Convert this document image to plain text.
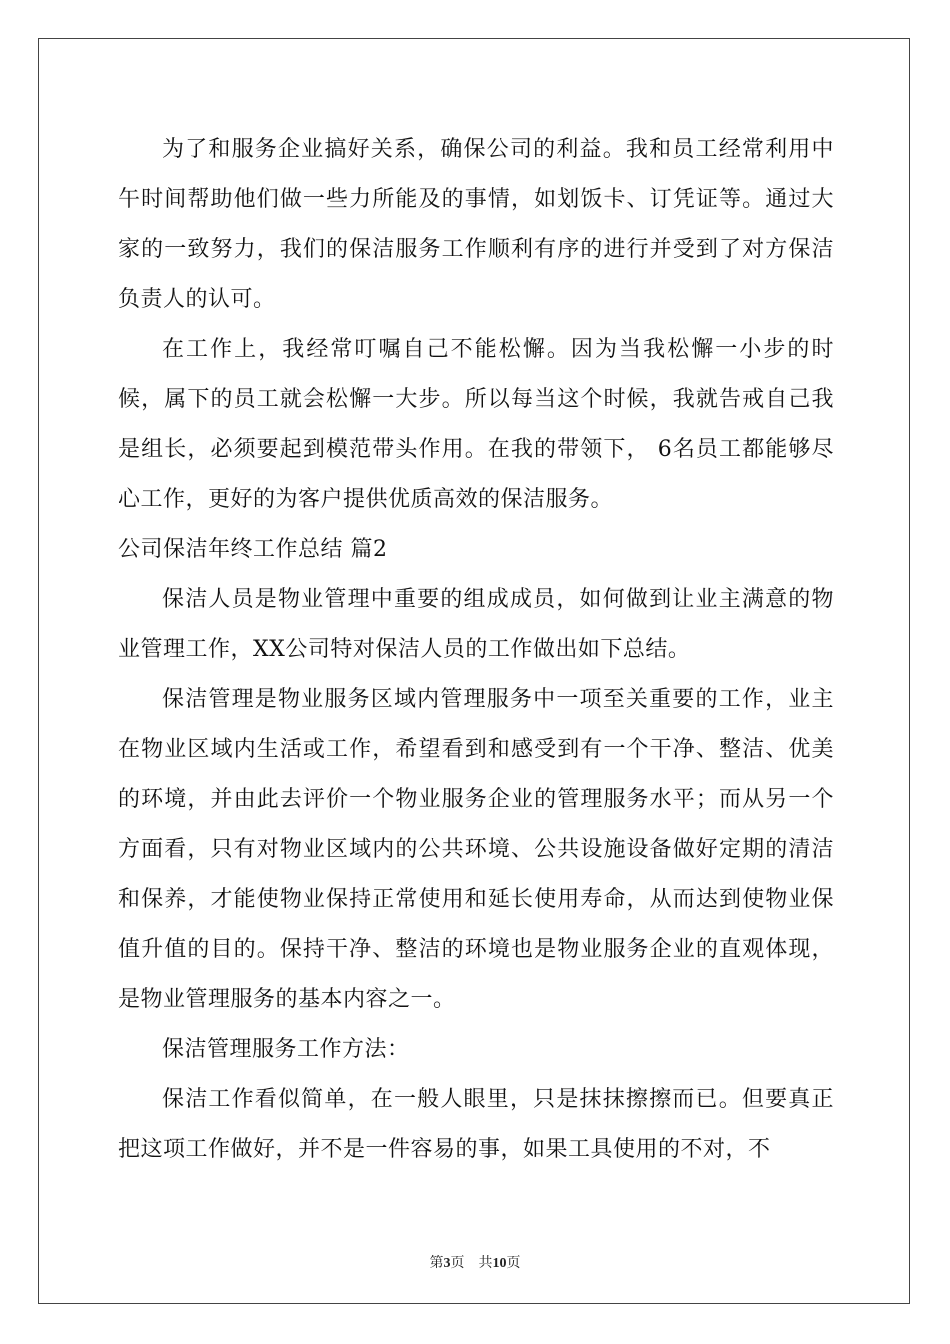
为了和服务企业搞好关系，确保公司的利益。我和员工经常利用中午时间帮助他们做一些力所能及的事情，如划饭卡、订凭证等。通过大家的一致努力，我们的保洁服务工作顺利有序的进行并受到了对方保洁负责人的认可。

在工作上，我经常叮嘱自己不能松懈。因为当我松懈一小步的时候，属下的员工就会松懈一大步。所以每当这个时候，我就告戒自己我是组长，必须要起到模范带头作用。在我的带领下， 6名员工都能够尽心工作，更好的为客户提供优质高效的保洁服务。

公司保洁年终工作总结 篇2

保洁人员是物业管理中重要的组成成员，如何做到让业主满意的物业管理工作，XX公司特对保洁人员的工作做出如下总结。

保洁管理是物业服务区域内管理服务中一项至关重要的工作，业主在物业区域内生活或工作，希望看到和感受到有一个干净、整洁、优美的环境，并由此去评价一个物业服务企业的管理服务水平；而从另一个方面看，只有对物业区域内的公共环境、公共设施设备做好定期的清洁和保养，才能使物业保持正常使用和延长使用寿命，从而达到使物业保值升值的目的。保持干净、整洁的环境也是物业服务企业的直观体现，是物业管理服务的基本内容之一。

保洁管理服务工作方法：

保洁工作看似简单，在一般人眼里，只是抹抹擦擦而已。但要真正把这项工作做好，并不是一件容易的事，如果工具使用的不对，不

第3页　共10页
